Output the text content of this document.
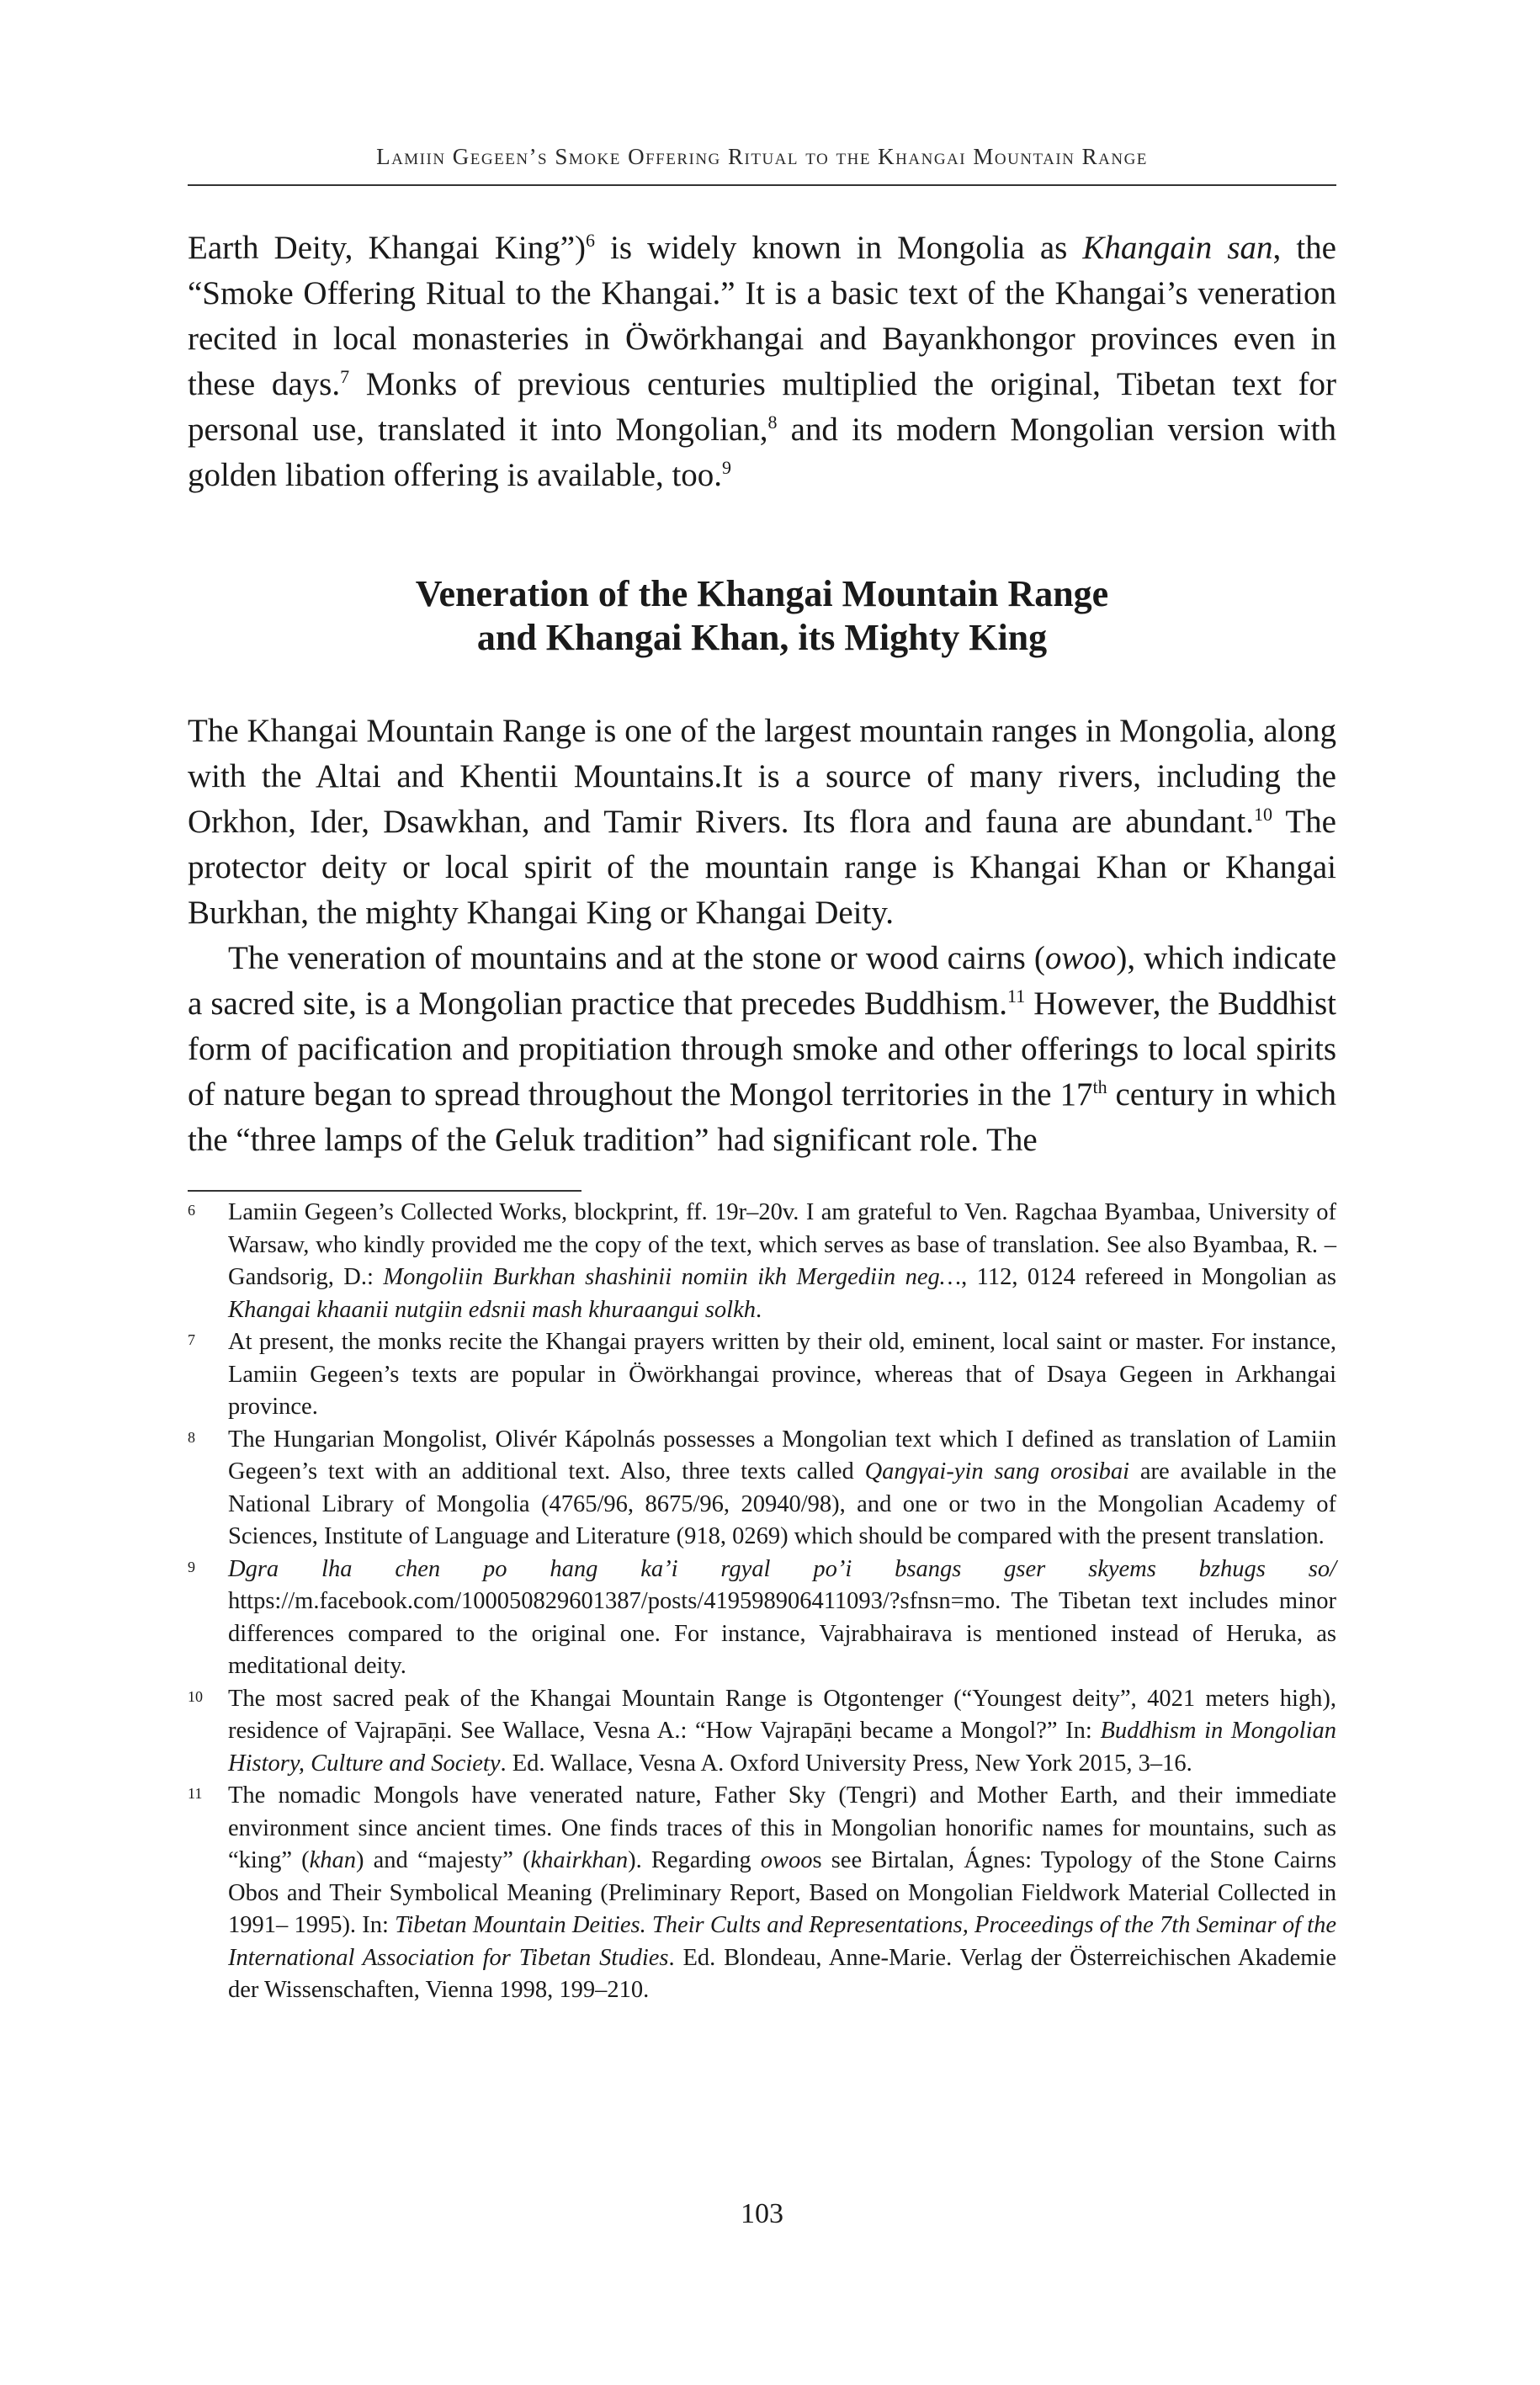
Lamiin Gegeen’s Smoke Offering Ritual to the Khangai Mountain Range

Earth Deity, Khangai King”)$^6$ is widely known in Mongolia as Khangain san, the “Smoke Offering Ritual to the Khangai.” It is a basic text of the Khangai’s veneration recited in local monasteries in Öwörkhangai and Bayankhongor provinces even in these days.$^7$ Monks of previous centuries multiplied the original, Tibetan text for personal use, translated it into Mongolian,$^8$ and its modern Mongolian version with golden libation offering is available, too.$^9$

Veneration of the Khangai Mountain Range
and Khangai Khan, its Mighty King

The Khangai Mountain Range is one of the largest mountain ranges in Mongolia, along with the Altai and Khentii Mountains.It is a source of many rivers, including the Orkhon, Ider, Dsawkhan, and Tamir Rivers. Its flora and fauna are abundant.$^{10}$ The protector deity or local spirit of the mountain range is Khangai Khan or Khangai Burkhan, the mighty Khangai King or Khangai Deity.

The veneration of mountains and at the stone or wood cairns (owoo), which indicate a sacred site, is a Mongolian practice that precedes Buddhism.$^{11}$ However, the Buddhist form of pacification and propitiation through smoke and other offerings to local spirits of nature began to spread throughout the Mongol territories in the 17th century in which the “three lamps of the Geluk tradition” had significant role. The

6 Lamiin Gegeen’s Collected Works, blockprint, ff. 19r–20v. I am grateful to Ven. Ragchaa Byambaa, University of Warsaw, who kindly provided me the copy of the text, which serves as base of translation. See also Byambaa, R. – Gandsorig, D.: Mongoliin Burkhan shashinii nomiin ikh Mergediin neg…, 112, 0124 refereed in Mongolian as Khangai khaanii nutgiin edsnii mash khuraangui solkh.
7 At present, the monks recite the Khangai prayers written by their old, eminent, local saint or master. For instance, Lamiin Gegeen’s texts are popular in Öwörkhangai province, whereas that of Dsaya Gegeen in Arkhangai province.
8 The Hungarian Mongolist, Olivér Kápolnás possesses a Mongolian text which I defined as translation of Lamiin Gegeen’s text with an additional text. Also, three texts called Qangγai-yin sang orosibai are available in the National Library of Mongolia (4765/96, 8675/96, 20940/98), and one or two in the Mongolian Academy of Sciences, Institute of Language and Literature (918, 0269) which should be compared with the present translation.
9 Dgra lha chen po hang ka’i rgyal po’i bsangs gser skyems bzhugs so/ https://m.facebook.com/100050829601387/posts/419598906411093/?sfnsn=mo. The Tibetan text includes minor differences compared to the original one. For instance, Vajrabhairava is mentioned instead of Heruka, as meditational deity.
10 The most sacred peak of the Khangai Mountain Range is Otgontenger (“Youngest deity”, 4021 meters high), residence of Vajrapāṇi. See Wallace, Vesna A.: “How Vajrapāṇi became a Mongol?” In: Buddhism in Mongolian History, Culture and Society. Ed. Wallace, Vesna A. Oxford University Press, New York 2015, 3–16.
11 The nomadic Mongols have venerated nature, Father Sky (Tengri) and Mother Earth, and their immediate environment since ancient times. One finds traces of this in Mongolian honorific names for mountains, such as “king” (khan) and “majesty” (khairkhan). Regarding owoos see Birtalan, Ágnes: Typology of the Stone Cairns Obos and Their Symbolical Meaning (Preliminary Report, Based on Mongolian Fieldwork Material Collected in 1991– 1995). In: Tibetan Mountain Deities. Their Cults and Representations, Proceedings of the 7th Seminar of the International Association for Tibetan Studies. Ed. Blondeau, Anne-Marie. Verlag der Österreichischen Akademie der Wissenschaften, Vienna 1998, 199–210.
103
